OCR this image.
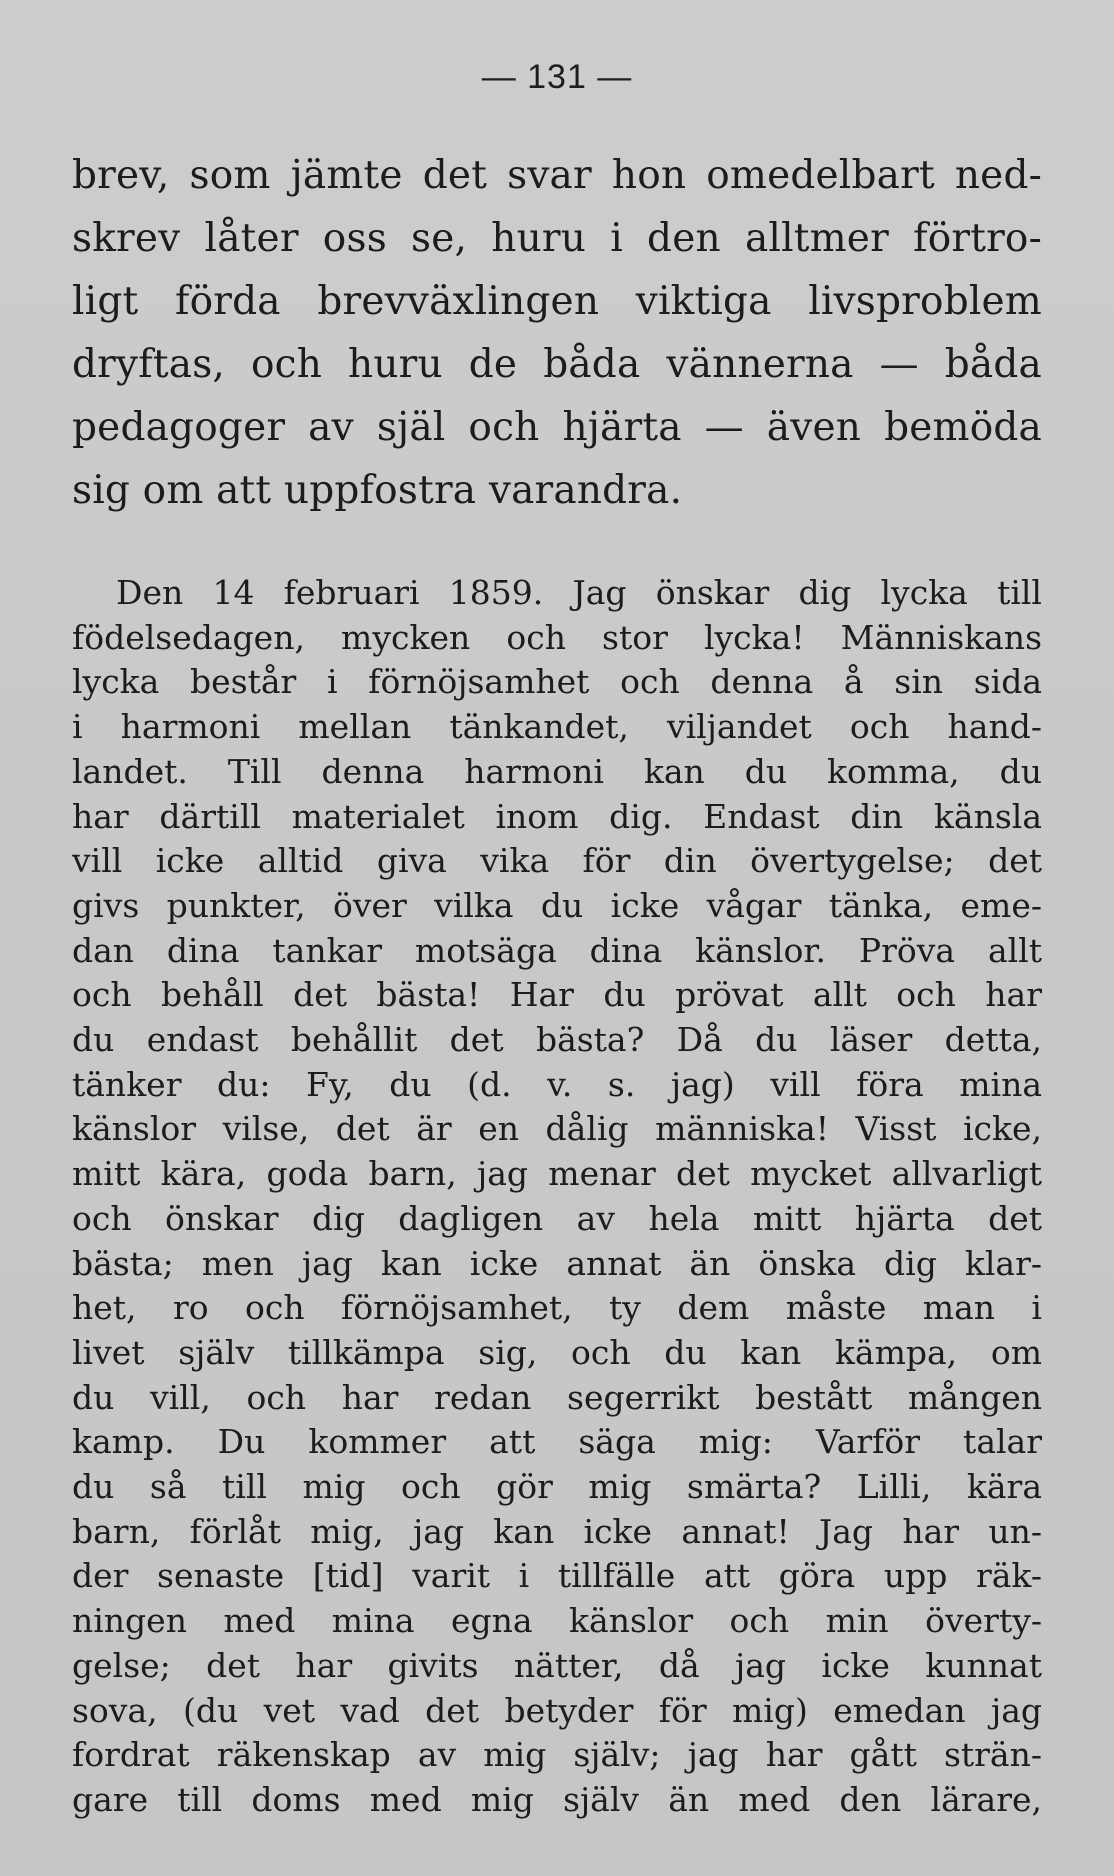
— 131 —
brev, som jämte det svar hon omedelbart ned-
skrev låter oss se, huru i den alltmer förtro-
ligt förda brevväxlingen viktiga livsproblem
dryftas, och huru de båda vännerna — båda
pedagoger av själ och hjärta — även bemöda
sig om att uppfostra varandra.
Den 14 februari 1859. Jag önskar dig lycka till
födelsedagen, mycken och stor lycka! Människans
lycka består i förnöjsamhet och denna å sin sida
i harmoni mellan tänkandet, viljandet och hand-
landet. Till denna harmoni kan du komma, du
har därtill materialet inom dig. Endast din känsla
vill icke alltid giva vika för din övertygelse; det
givs punkter, över vilka du icke vågar tänka, eme-
dan dina tankar motsäga dina känslor. Pröva allt
och behåll det bästa! Har du prövat allt och har
du endast behållit det bästa? Då du läser detta,
tänker du: Fy, du (d. v. s. jag) vill föra mina
känslor vilse, det är en dålig människa! Visst icke,
mitt kära, goda barn, jag menar det mycket allvarligt
och önskar dig dagligen av hela mitt hjärta det
bästa; men jag kan icke annat än önska dig klar-
het, ro och förnöjsamhet, ty dem måste man i
livet själv tillkämpa sig, och du kan kämpa, om
du vill, och har redan segerrikt bestått mången
kamp. Du kommer att säga mig: Varför talar
du så till mig och gör mig smärta? Lilli, kära
barn, förlåt mig, jag kan icke annat! Jag har un-
der senaste [tid] varit i tillfälle att göra upp räk-
ningen med mina egna känslor och min överty-
gelse; det har givits nätter, då jag icke kunnat
sova, (du vet vad det betyder för mig) emedan jag
fordrat räkenskap av mig själv; jag har gått strän-
gare till doms med mig själv än med den lärare,
